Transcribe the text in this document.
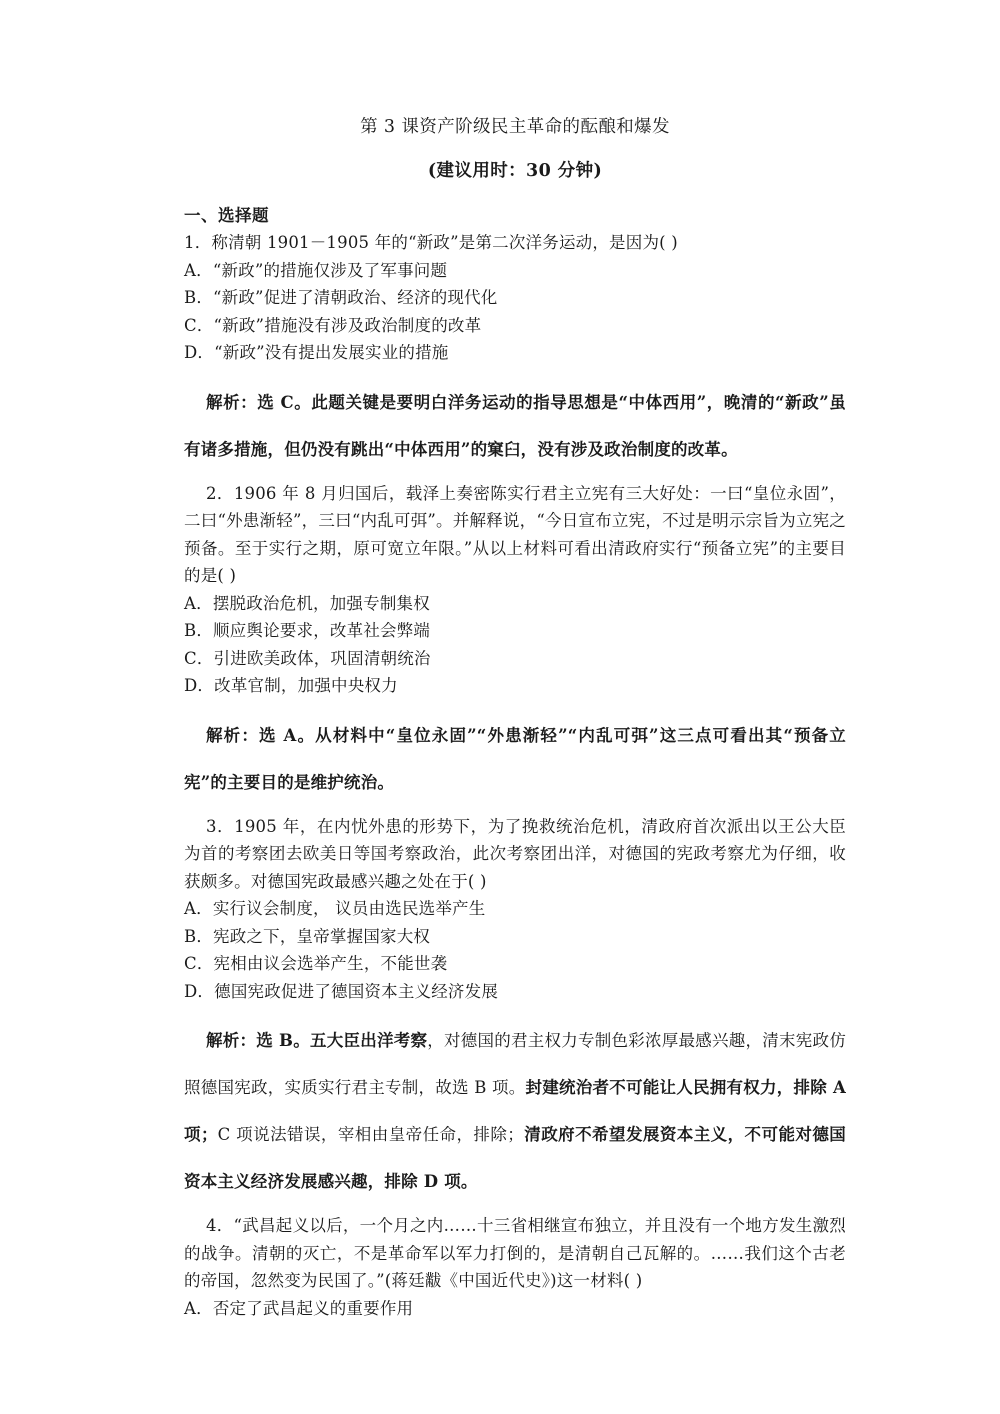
第 3 课资产阶级民主革命的酝酿和爆发
(建议用时：30 分钟)
一、选择题
1．称清朝 1901－1905 年的“新政”是第二次洋务运动，是因为( )
A．“新政”的措施仅涉及了军事问题
B．“新政”促进了清朝政治、经济的现代化
C．“新政”措施没有涉及政治制度的改革
D．“新政”没有提出发展实业的措施
解析：选 C。此题关键是要明白洋务运动的指导思想是“中体西用”，晚清的“新政”虽有诸多措施，但仍没有跳出“中体西用”的窠臼，没有涉及政治制度的改革。
2．1906 年 8 月归国后，载泽上奏密陈实行君主立宪有三大好处：一曰“皇位永固”，二曰“外患渐轻”，三曰“内乱可弭”。并解释说，“今日宣布立宪，不过是明示宗旨为立宪之预备。至于实行之期，原可宽立年限。”从以上材料可看出清政府实行“预备立宪”的主要目的是( )
A．摆脱政治危机，加强专制集权
B．顺应舆论要求，改革社会弊端
C．引进欧美政体，巩固清朝统治
D．改革官制，加强中央权力
解析：选 A。从材料中“皇位永固”“外患渐轻”“内乱可弭”这三点可看出其“预备立宪”的主要目的是维护统治。
3．1905 年，在内忧外患的形势下，为了挽救统治危机，清政府首次派出以王公大臣为首的考察团去欧美日等国考察政治，此次考察团出洋，对德国的宪政考察尤为仔细，收获颇多。对德国宪政最感兴趣之处在于( )
A．实行议会制度， 议员由选民选举产生
B．宪政之下，皇帝掌握国家大权
C．宪相由议会选举产生，不能世袭
D．德国宪政促进了德国资本主义经济发展
解析：选 B。五大臣出洋考察，对德国的君主权力专制色彩浓厚最感兴趣，清末宪政仿照德国宪政，实质实行君主专制，故选 B 项。封建统治者不可能让人民拥有权力，排除 A 项；C 项说法错误，宰相由皇帝任命，排除；清政府不希望发展资本主义，不可能对德国资本主义经济发展感兴趣，排除 D 项。
4．“武昌起义以后，一个月之内……十三省相继宣布独立，并且没有一个地方发生激烈的战争。清朝的灭亡，不是革命军以军力打倒的，是清朝自己瓦解的。……我们这个古老的帝国，忽然变为民国了。”(蒋廷黻《中国近代史》)这一材料( )
A．否定了武昌起义的重要作用
